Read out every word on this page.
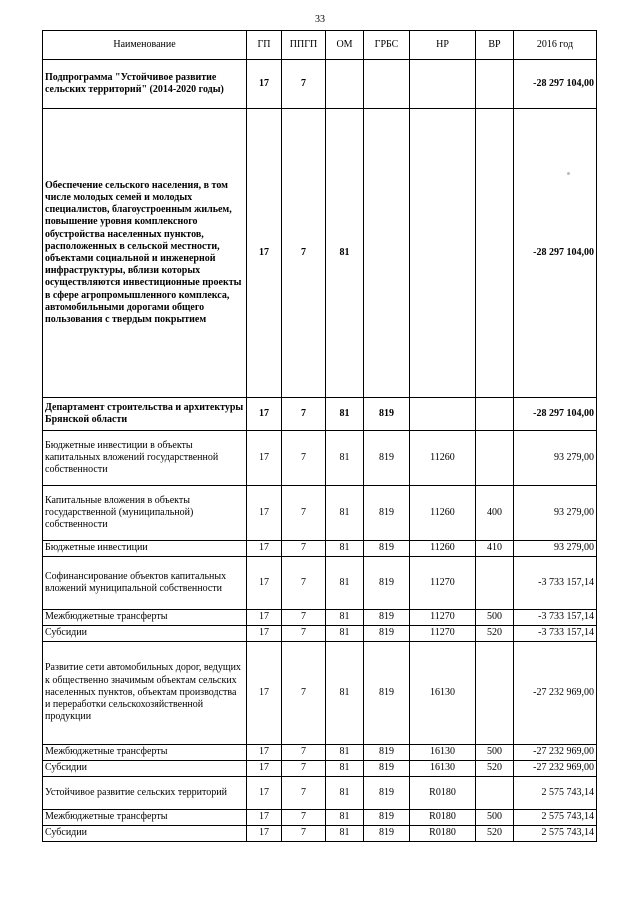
33
Наименование	ГП	ППГП	ОМ	ГРБС	НР	ВР	2016 год
Подпрограмма "Устойчивое развитие сельских территорий" (2014-2020 годы)	17	7					-28 297 104,00
Обеспечение сельского населения, в том числе молодых семей и молодых специалистов, благоустроенным жильем, повышение уровня комплексного обустройства населенных пунктов, расположенных в сельской местности, объектами социальной и инженерной инфраструктуры, вблизи которых осуществляются инвестиционные проекты в сфере агропромышленного комплекса, автомобильными дорогами общего пользования с твердым покрытием	17	7	81				-28 297 104,00
Департамент строительства и архитектуры Брянской области	17	7	81	819			-28 297 104,00
Бюджетные инвестиции в объекты капитальных вложений государственной собственности	17	7	81	819	11260		93 279,00
Капитальные вложения в объекты государственной (муниципальной) собственности	17	7	81	819	11260	400	93 279,00
Бюджетные инвестиции	17	7	81	819	11260	410	93 279,00
Софинансирование объектов капитальных вложений муниципальной собственности	17	7	81	819	11270		-3 733 157,14
Межбюджетные трансферты	17	7	81	819	11270	500	-3 733 157,14
Субсидии	17	7	81	819	11270	520	-3 733 157,14
Развитие сети автомобильных дорог, ведущих к общественно значимым объектам сельских населенных пунктов, объектам производства и переработки сельскохозяйственной продукции	17	7	81	819	16130		-27 232 969,00
Межбюджетные трансферты	17	7	81	819	16130	500	-27 232 969,00
Субсидии	17	7	81	819	16130	520	-27 232 969,00
Устойчивое развитие сельских территорий	17	7	81	819	R0180		2 575 743,14
Межбюджетные трансферты	17	7	81	819	R0180	500	2 575 743,14
Субсидии	17	7	81	819	R0180	520	2 575 743,14
